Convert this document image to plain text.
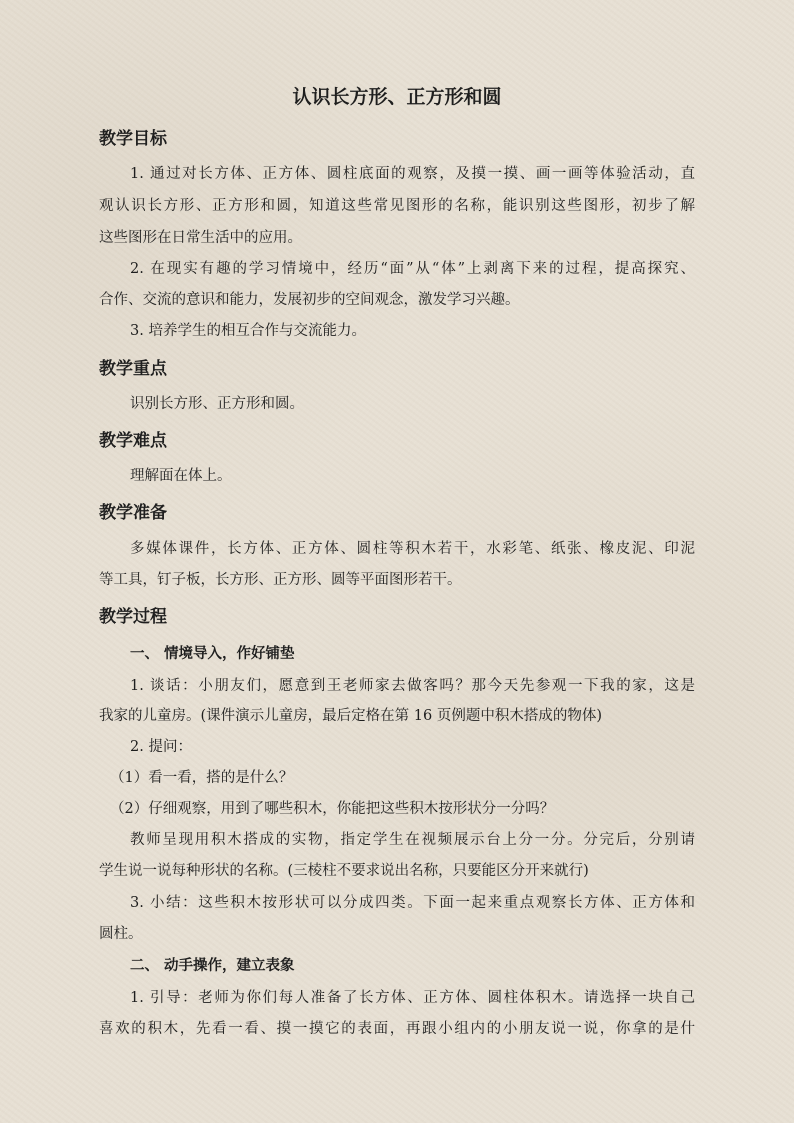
认识长方形、正方形和圆
教学目标
1. 通过对长方体、正方体、圆柱底面的观察，及摸一摸、画一画等体验活动，直
观认识长方形、正方形和圆，知道这些常见图形的名称，能识别这些图形，初步了解
这些图形在日常生活中的应用。
2. 在现实有趣的学习情境中，经历“面”从“体”上剥离下来的过程，提高探究、
合作、交流的意识和能力，发展初步的空间观念，激发学习兴趣。
3. 培养学生的相互合作与交流能力。
教学重点
识别长方形、正方形和圆。
教学难点
理解面在体上。
教学准备
多媒体课件，长方体、正方体、圆柱等积木若干，水彩笔、纸张、橡皮泥、印泥
等工具，钉子板，长方形、正方形、圆等平面图形若干。
教学过程
一、 情境导入，作好铺垫
1. 谈话：小朋友们，愿意到王老师家去做客吗？那今天先参观一下我的家，这是
我家的儿童房。(课件演示儿童房，最后定格在第 16 页例题中积木搭成的物体)
2. 提问：
（1）看一看，搭的是什么？
（2）仔细观察，用到了哪些积木，你能把这些积木按形状分一分吗？
教师呈现用积木搭成的实物，指定学生在视频展示台上分一分。分完后，分别请
学生说一说每种形状的名称。(三棱柱不要求说出名称，只要能区分开来就行)
3. 小结：这些积木按形状可以分成四类。下面一起来重点观察长方体、正方体和
圆柱。
二、 动手操作，建立表象
1. 引导：老师为你们每人准备了长方体、正方体、圆柱体积木。请选择一块自己
喜欢的积木，先看一看、摸一摸它的表面，再跟小组内的小朋友说一说，你拿的是什
